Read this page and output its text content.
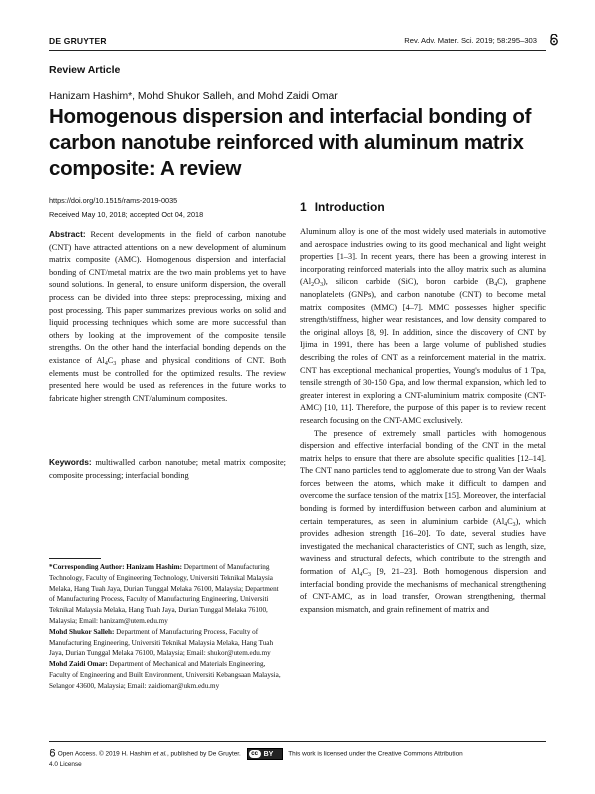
DE GRUYTER	Rev. Adv. Mater. Sci. 2019; 58:295–303
Review Article
Hanizam Hashim*, Mohd Shukor Salleh, and Mohd Zaidi Omar
Homogenous dispersion and interfacial bonding of carbon nanotube reinforced with aluminum matrix composite: A review
https://doi.org/10.1515/rams-2019-0035
Received May 10, 2018; accepted Oct 04, 2018
Abstract: Recent developments in the field of carbon nanotube (CNT) have attracted attentions on a new development of aluminum matrix composite (AMC). Homogenous dispersion and interfacial bonding of CNT/metal matrix are the two main problems yet to have sound solutions. In general, to ensure uniform dispersion, the overall process can be divided into three steps: preprocessing, mixing and post processing. This paper summarizes previous works on solid and liquid processing techniques which some are more successful than others by looking at the improvement of the composite tensile strengths. On the other hand the interfacial bonding depends on the existance of $Al_4C_3$ phase and physical conditions of CNT. Both elements must be controlled for the optimized results. The review presented here would be used as references in the future works to fabricate higher strength CNT/aluminum composites.
Keywords: multiwalled carbon nanotube; metal matrix composite; composite processing; interfacial bonding
*Corresponding Author: Hanizam Hashim: Department of Manufacturing Technology, Faculty of Engineering Technology, Universiti Teknikal Malaysia Melaka, Hang Tuah Jaya, Durian Tunggal Melaka 76100, Malaysia; Department of Manufacturing Process, Faculty of Manufacturing Engineering, Universiti Teknikal Malaysia Melaka, Hang Tuah Jaya, Durian Tunggal Melaka 76100, Malaysia; Email: hanizam@utem.edu.my
Mohd Shukor Salleh: Department of Manufacturing Process, Faculty of Manufacturing Engineering, Universiti Teknikal Malaysia Melaka, Hang Tuah Jaya, Durian Tunggal Melaka 76100, Malaysia; Email: shukor@utem.edu.my
Mohd Zaidi Omar: Department of Mechanical and Materials Engineering, Faculty of Engineering and Built Environment, Universiti Kebangsaan Malaysia, Selangor 43600, Malaysia; Email: zaidiomar@ukm.edu.my
1 Introduction

Aluminum alloy is one of the most widely used materials in automotive and aerospace industries owing to its good mechanical and light weight properties [1–3]. In recent years, there has been a growing interest in incorporating reinforced materials into the alloy matrix such as alumina $(Al_2O_3)$, silicon carbide (SiC), boron carbide $(B_4C)$, graphene nanoplatelets (GNPs), and carbon nanotube (CNT) to become metal matrix composites (MMC) [4–7]. MMC possesses higher specific strength/stiffness, higher wear resistances, and low density compared to the original alloys [8, 9]. In addition, since the discovery of CNT by Ijima in 1991, there has been a large volume of published studies describing the roles of CNT as a reinforcement material in the matrix. CNT has exceptional mechanical properties, Young's modulus of 1 Tpa, tensile strength of 30-150 Gpa, and low thermal expansion, which led to greater interest in exploring a CNT-aluminium matrix composite (CNT-AMC) [10, 11]. Therefore, the purpose of this paper is to review recent research focusing on the CNT-AMC exclusively.

The presence of extremely small particles with homogenous dispersion and effective interfacial bonding of the CNT in the metal matrix helps to ensure that there are absolute specific qualities [12–14]. The CNT nano particles tend to agglomerate due to strong Van der Waals forces between the atoms, which make it difficult to dampen and overcome the surface tension of the matrix [15]. Moreover, the interfacial bonding is formed by interdiffusion between carbon and aluminium at certain temperatures, as seen in aluminium carbide $(Al_4C_3)$, which provides adhesion strength [16–20]. To date, several studies have investigated the mechanical characteristics of CNT, such as length, size, waviness and structural defects, which contribute to the strength and formation of $Al_4C_3$ [9, 21–23]. Both homogenous dispersion and interfacial bonding provide the mechanisms of mechanical strengthening of CNT-AMC, as in load transfer, Orowan strengthening, thermal expansion mismatch, and grain refinement of matrix and

Open Access. © 2019 H. Hashim et al., published by De Gruyter.	cc BY This work is licensed under the Creative Commons Attribution
4.0 License
